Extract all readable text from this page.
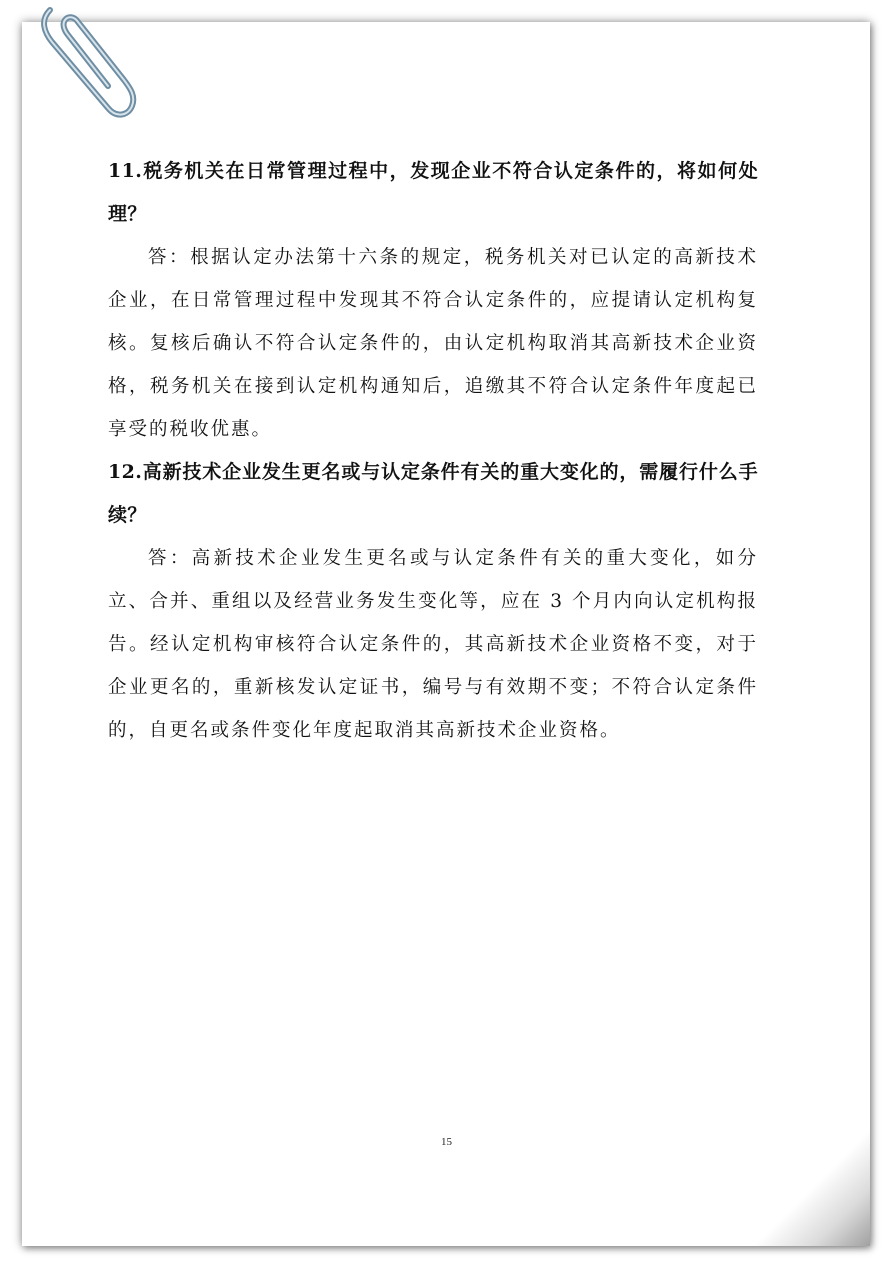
11.税务机关在日常管理过程中，发现企业不符合认定条件的，将如何处理？

答：根据认定办法第十六条的规定，税务机关对已认定的高新技术企业，在日常管理过程中发现其不符合认定条件的，应提请认定机构复核。复核后确认不符合认定条件的，由认定机构取消其高新技术企业资格，税务机关在接到认定机构通知后，追缴其不符合认定条件年度起已享受的税收优惠。

12.高新技术企业发生更名或与认定条件有关的重大变化的，需履行什么手续？

答：高新技术企业发生更名或与认定条件有关的重大变化，如分立、合并、重组以及经营业务发生变化等，应在 3 个月内向认定机构报告。经认定机构审核符合认定条件的，其高新技术企业资格不变，对于企业更名的，重新核发认定证书，编号与有效期不变；不符合认定条件的，自更名或条件变化年度起取消其高新技术企业资格。

15
